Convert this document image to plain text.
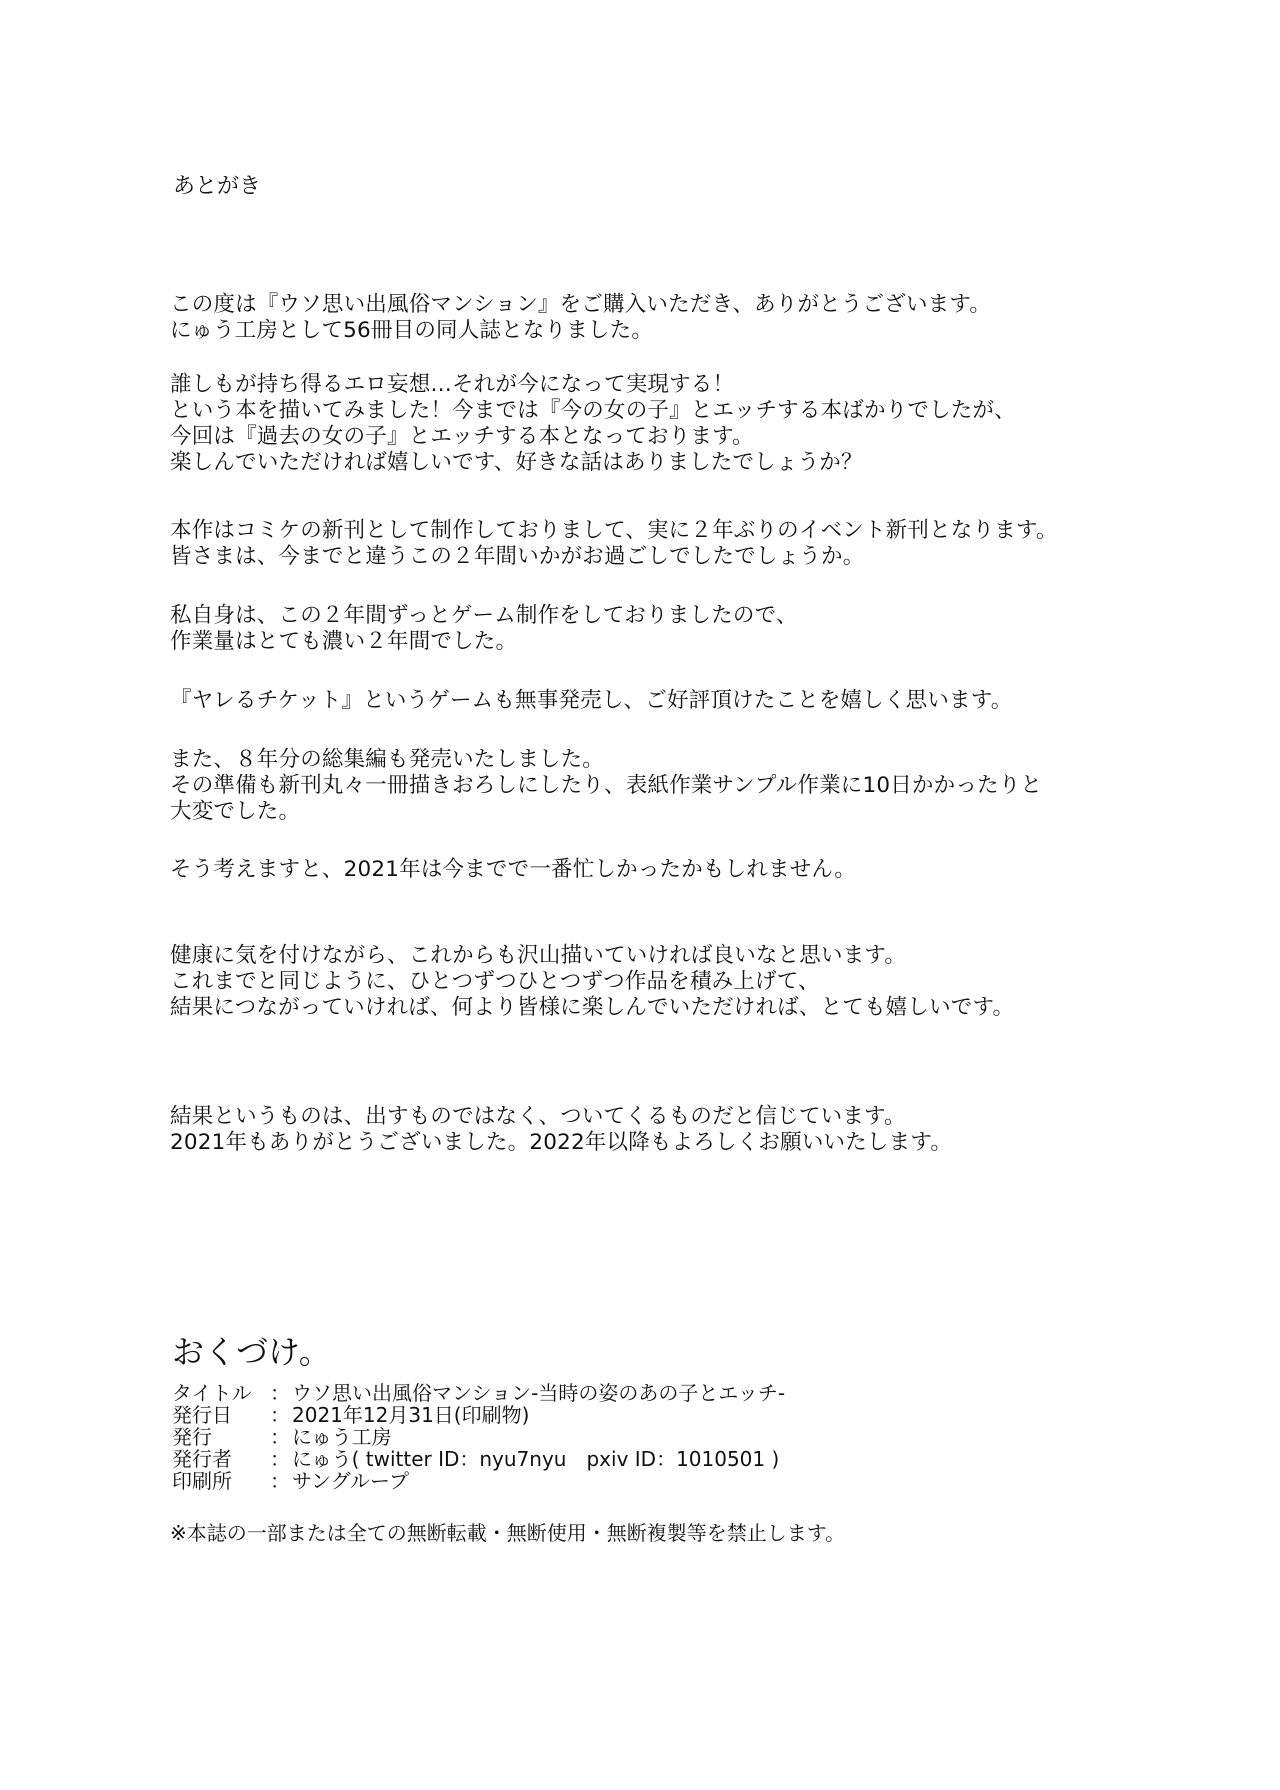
あとがき
この度は『ウソ思い出風俗マンション』をご購入いただき、ありがとうございます。
にゅう工房として56冊目の同人誌となりました。
誰しもが持ち得るエロ妄想…それが今になって実現する！
という本を描いてみました！今までは『今の女の子』とエッチする本ばかりでしたが、
今回は『過去の女の子』とエッチする本となっております。
楽しんでいただければ嬉しいです、好きな話はありましたでしょうか？
本作はコミケの新刊として制作しておりまして、実に２年ぶりのイベント新刊となります。
皆さまは、今までと違うこの２年間いかがお過ごしでしたでしょうか。
私自身は、この２年間ずっとゲーム制作をしておりましたので、
作業量はとても濃い２年間でした。
『ヤレるチケット』というゲームも無事発売し、ご好評頂けたことを嬉しく思います。
また、８年分の総集編も発売いたしました。
その準備も新刊丸々一冊描きおろしにしたり、表紙作業サンプル作業に10日かかったりと
大変でした。
そう考えますと、2021年は今までで一番忙しかったかもしれません。
健康に気を付けながら、これからも沢山描いていければ良いなと思います。
これまでと同じように、ひとつずつひとつずつ作品を積み上げて、
結果につながっていければ、何より皆様に楽しんでいただければ、とても嬉しいです。
結果というものは、出すものではなく、ついてくるものだと信じています。
2021年もありがとうございました。2022年以降もよろしくお願いいたします。
おくづけ。
タイトル ： ウソ思い出風俗マンション-当時の姿のあの子とエッチ-
発行日	： 2021年12月31日(印刷物)
発行	： にゅう工房
発行者	： にゅう( twitter ID：nyu7nyu　pxiv ID：1010501 )
印刷所	： サングループ
※本誌の一部または全ての無断転載・無断使用・無断複製等を禁止します。
